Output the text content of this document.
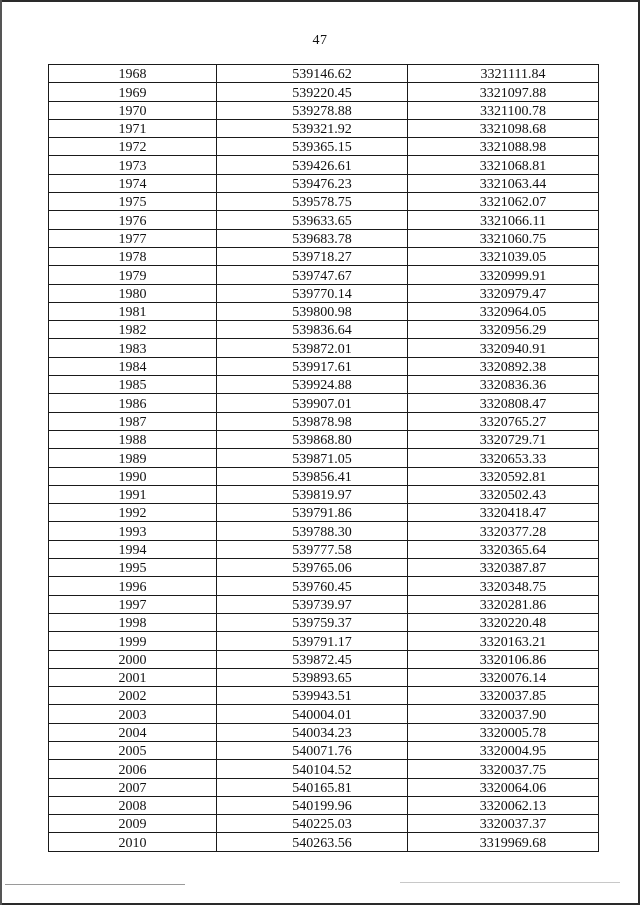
47
1968	539146.62	3321111.84
1969	539220.45	3321097.88
1970	539278.88	3321100.78
1971	539321.92	3321098.68
1972	539365.15	3321088.98
1973	539426.61	3321068.81
1974	539476.23	3321063.44
1975	539578.75	3321062.07
1976	539633.65	3321066.11
1977	539683.78	3321060.75
1978	539718.27	3321039.05
1979	539747.67	3320999.91
1980	539770.14	3320979.47
1981	539800.98	3320964.05
1982	539836.64	3320956.29
1983	539872.01	3320940.91
1984	539917.61	3320892.38
1985	539924.88	3320836.36
1986	539907.01	3320808.47
1987	539878.98	3320765.27
1988	539868.80	3320729.71
1989	539871.05	3320653.33
1990	539856.41	3320592.81
1991	539819.97	3320502.43
1992	539791.86	3320418.47
1993	539788.30	3320377.28
1994	539777.58	3320365.64
1995	539765.06	3320387.87
1996	539760.45	3320348.75
1997	539739.97	3320281.86
1998	539759.37	3320220.48
1999	539791.17	3320163.21
2000	539872.45	3320106.86
2001	539893.65	3320076.14
2002	539943.51	3320037.85
2003	540004.01	3320037.90
2004	540034.23	3320005.78
2005	540071.76	3320004.95
2006	540104.52	3320037.75
2007	540165.81	3320064.06
2008	540199.96	3320062.13
2009	540225.03	3320037.37
2010	540263.56	3319969.68
